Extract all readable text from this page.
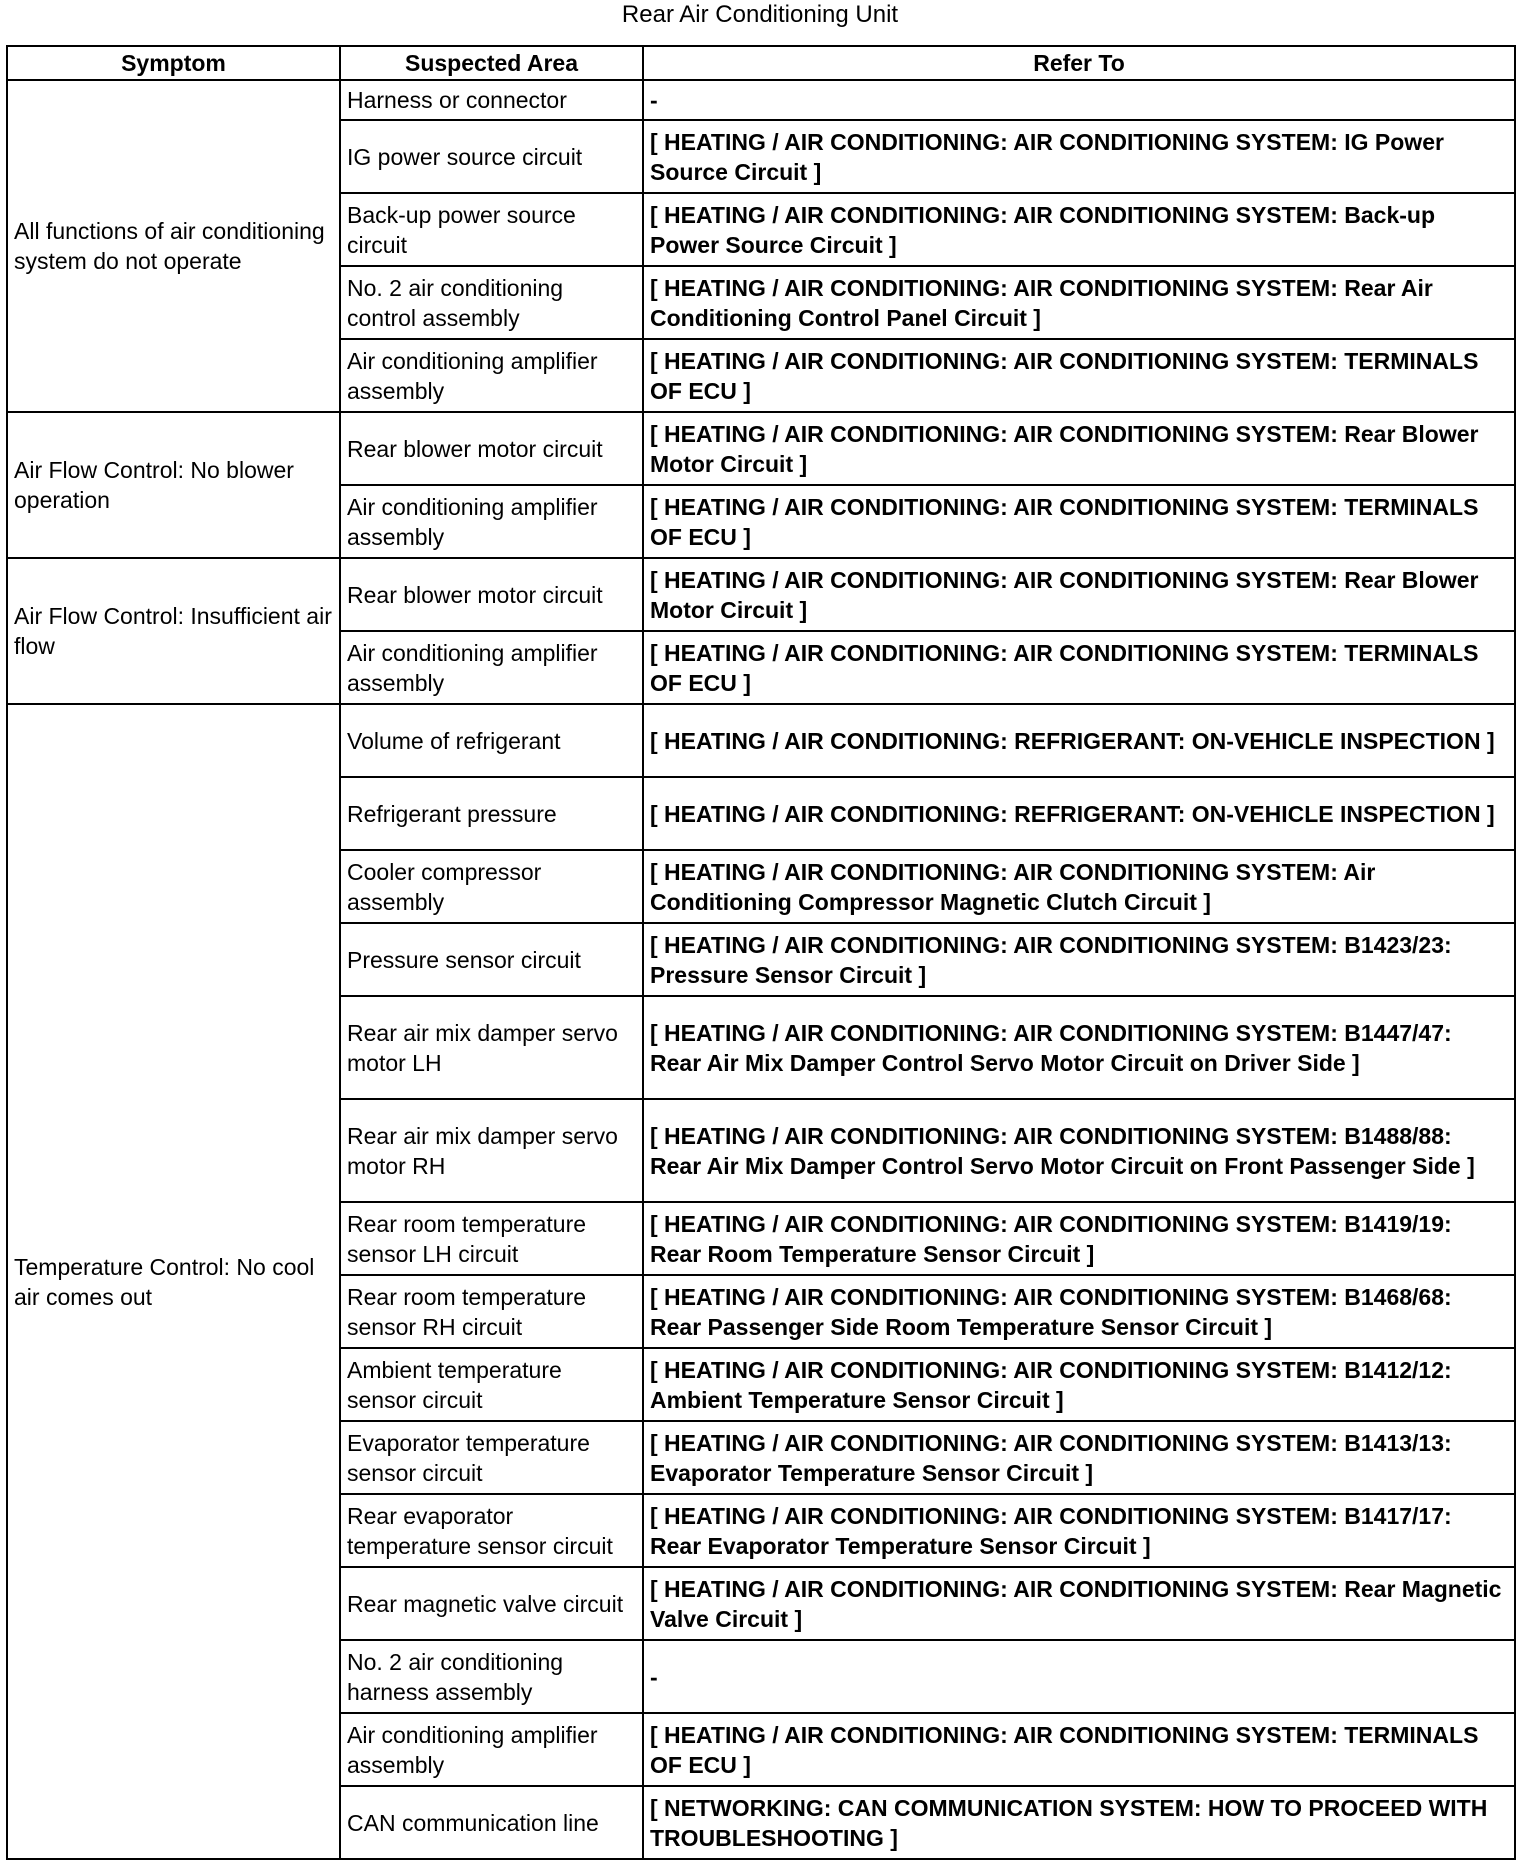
Rear Air Conditioning Unit
Symptom	Suspected Area	Refer To
All functions of air conditioning system do not operate	Harness or connector	-
	IG power source circuit	[ HEATING / AIR CONDITIONING: AIR CONDITIONING SYSTEM: IG Power Source Circuit ]
	Back-up power source circuit	[ HEATING / AIR CONDITIONING: AIR CONDITIONING SYSTEM: Back-up Power Source Circuit ]
	No. 2 air conditioning control assembly	[ HEATING / AIR CONDITIONING: AIR CONDITIONING SYSTEM: Rear Air Conditioning Control Panel Circuit ]
	Air conditioning amplifier assembly	[ HEATING / AIR CONDITIONING: AIR CONDITIONING SYSTEM: TERMINALS OF ECU ]
Air Flow Control: No blower operation	Rear blower motor circuit	[ HEATING / AIR CONDITIONING: AIR CONDITIONING SYSTEM: Rear Blower Motor Circuit ]
	Air conditioning amplifier assembly	[ HEATING / AIR CONDITIONING: AIR CONDITIONING SYSTEM: TERMINALS OF ECU ]
Air Flow Control: Insufficient air flow	Rear blower motor circuit	[ HEATING / AIR CONDITIONING: AIR CONDITIONING SYSTEM: Rear Blower Motor Circuit ]
	Air conditioning amplifier assembly	[ HEATING / AIR CONDITIONING: AIR CONDITIONING SYSTEM: TERMINALS OF ECU ]
Temperature Control: No cool air comes out	Volume of refrigerant	[ HEATING / AIR CONDITIONING: REFRIGERANT: ON-VEHICLE INSPECTION ]
	Refrigerant pressure	[ HEATING / AIR CONDITIONING: REFRIGERANT: ON-VEHICLE INSPECTION ]
	Cooler compressor assembly	[ HEATING / AIR CONDITIONING: AIR CONDITIONING SYSTEM: Air Conditioning Compressor Magnetic Clutch Circuit ]
	Pressure sensor circuit	[ HEATING / AIR CONDITIONING: AIR CONDITIONING SYSTEM: B1423/23: Pressure Sensor Circuit ]
	Rear air mix damper servo motor LH	[ HEATING / AIR CONDITIONING: AIR CONDITIONING SYSTEM: B1447/47: Rear Air Mix Damper Control Servo Motor Circuit on Driver Side ]
	Rear air mix damper servo motor RH	[ HEATING / AIR CONDITIONING: AIR CONDITIONING SYSTEM: B1488/88: Rear Air Mix Damper Control Servo Motor Circuit on Front Passenger Side ]
	Rear room temperature sensor LH circuit	[ HEATING / AIR CONDITIONING: AIR CONDITIONING SYSTEM: B1419/19: Rear Room Temperature Sensor Circuit ]
	Rear room temperature sensor RH circuit	[ HEATING / AIR CONDITIONING: AIR CONDITIONING SYSTEM: B1468/68: Rear Passenger Side Room Temperature Sensor Circuit ]
	Ambient temperature sensor circuit	[ HEATING / AIR CONDITIONING: AIR CONDITIONING SYSTEM: B1412/12: Ambient Temperature Sensor Circuit ]
	Evaporator temperature sensor circuit	[ HEATING / AIR CONDITIONING: AIR CONDITIONING SYSTEM: B1413/13: Evaporator Temperature Sensor Circuit ]
	Rear evaporator temperature sensor circuit	[ HEATING / AIR CONDITIONING: AIR CONDITIONING SYSTEM: B1417/17: Rear Evaporator Temperature Sensor Circuit ]
	Rear magnetic valve circuit	[ HEATING / AIR CONDITIONING: AIR CONDITIONING SYSTEM: Rear Magnetic Valve Circuit ]
	No. 2 air conditioning harness assembly	-
	Air conditioning amplifier assembly	[ HEATING / AIR CONDITIONING: AIR CONDITIONING SYSTEM: TERMINALS OF ECU ]
	CAN communication line	[ NETWORKING: CAN COMMUNICATION SYSTEM: HOW TO PROCEED WITH TROUBLESHOOTING ]
